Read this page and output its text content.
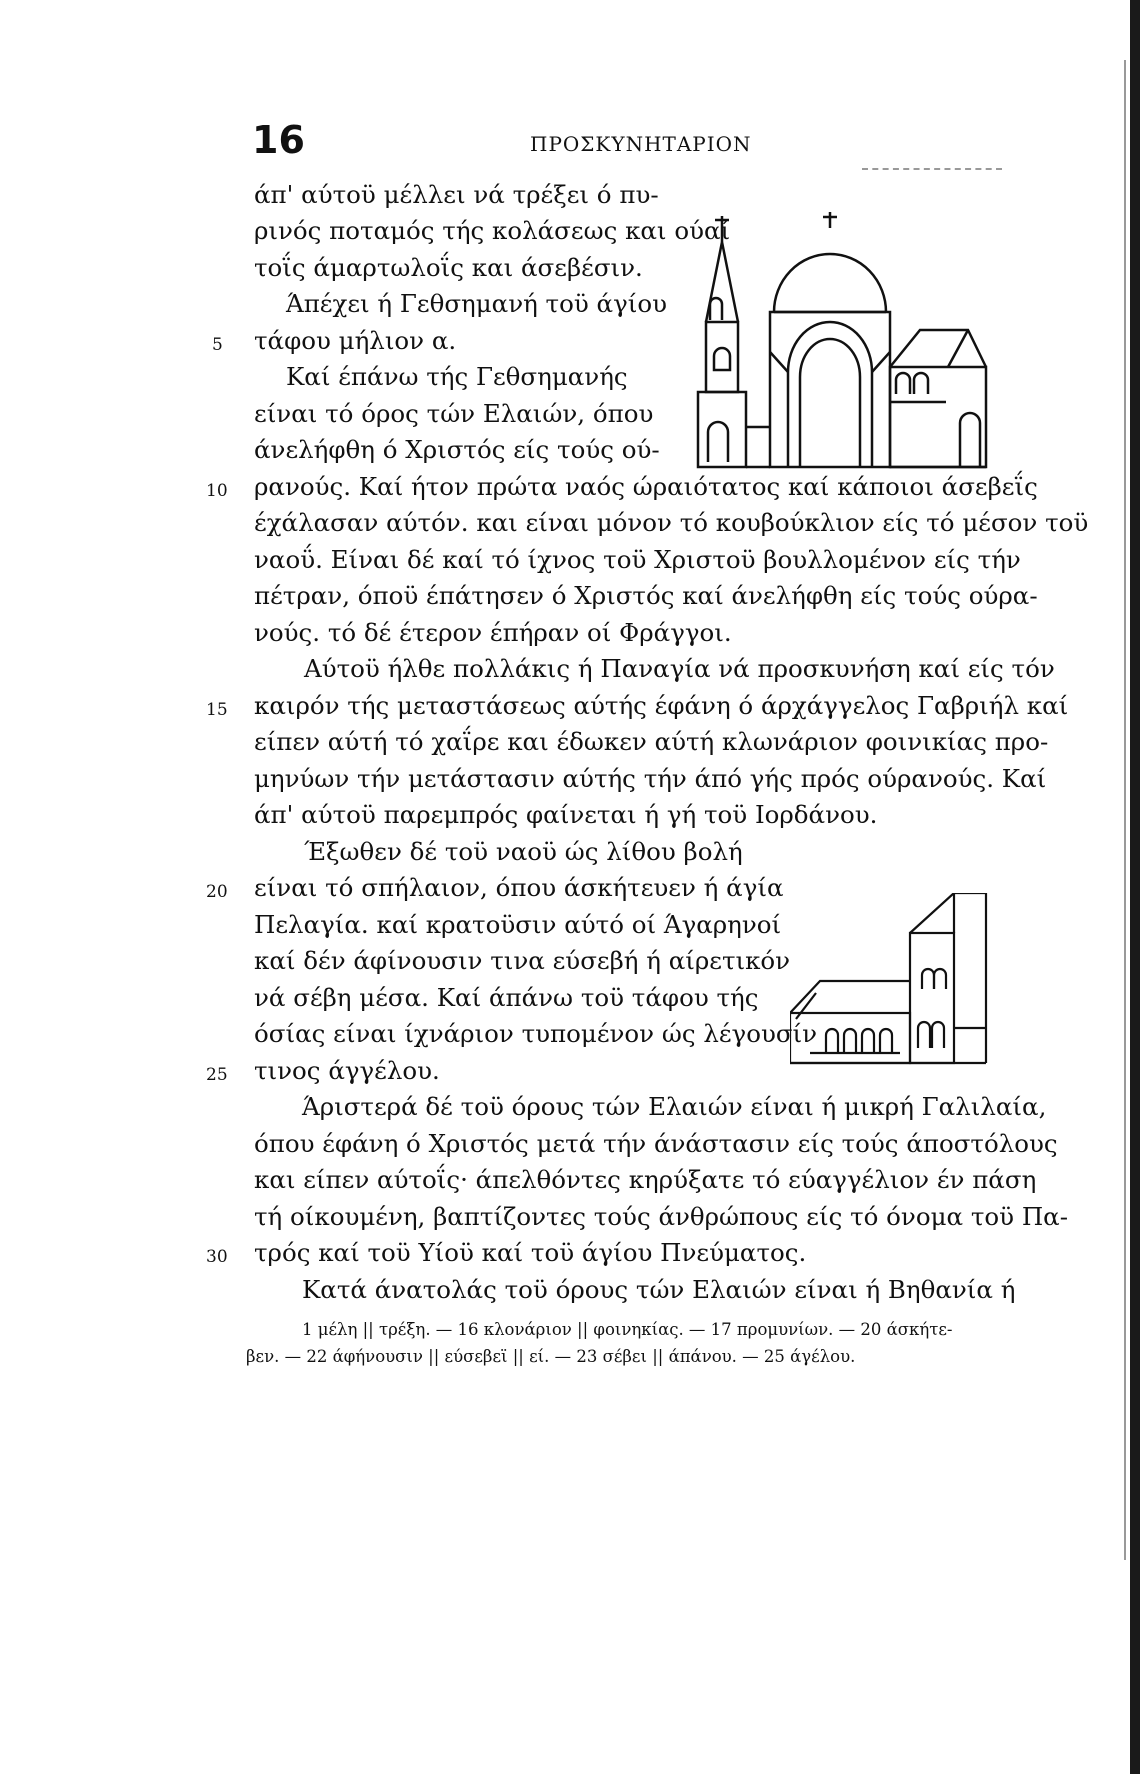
16	ΠΡΟΣΚΥΝΗΤΑΡΙΟΝ
άπ' αύτοϋ μέλλει νά τρέξει ό πυ-
ρινός ποταμός τής κολάσεως και ούαί
τοΐς άμαρτωλοΐς και άσεβέσιν.
Άπέχει ή Γεθσημανή τοϋ άγίου
τάφου μήλιον α.
Καί έπάνω τής Γεθσημανής
είναι τό όρος τών Ελαιών, όπου
άνελήφθη ό Χριστός είς τούς ού-
ρανούς. Καί ήτον πρώτα ναός ώραιότατος καί κάποιοι άσεβεΐς
έχάλασαν αύτόν. και είναι μόνον τό κουβούκλιον είς τό μέσον τοϋ
ναοΰ. Είναι δέ καί τό ίχνος τοϋ Χριστοϋ βουλλομένον είς τήν
πέτραν, όποϋ έπάτησεν ό Χριστός καί άνελήφθη είς τούς ούρα-
νούς. τό δέ έτερον έπήραν οί Φράγγοι.
Αύτοϋ ήλθε πολλάκις ή Παναγία νά προσκυνήση καί είς τόν
καιρόν τής μεταστάσεως αύτής έφάνη ό άρχάγγελος Γαβριήλ καί
είπεν αύτή τό χαΐρε και έδωκεν αύτή κλωνάριον φοινικίας προ-
μηνύων τήν μετάστασιν αύτής τήν άπό γής πρός ούρανούς. Καί
άπ' αύτοϋ παρεμπρός φαίνεται ή γή τοϋ Ιορδάνου.
Έξωθεν δέ τοϋ ναοϋ ώς λίθου βολή
είναι τό σπήλαιον, όπου άσκήτευεν ή άγία
Πελαγία. καί κρατοϋσιν αύτό οί Άγαρηνοί
καί δέν άφίνουσιν τινα εύσεβή ή αίρετικόν
νά σέβη μέσα. Καί άπάνω τοϋ τάφου τής
όσίας είναι ίχνάριον τυπομένον ώς λέγουσίν
τινος άγγέλου.
Άριστερά δέ τοϋ όρους τών Ελαιών είναι ή μικρή Γαλιλαία,
όπου έφάνη ό Χριστός μετά τήν άνάστασιν είς τούς άποστόλους
και είπεν αύτοΐς· άπελθόντες κηρύξατε τό εύαγγέλιον έν πάση
τή οίκουμένη, βαπτίζοντες τούς άνθρώπους είς τό όνομα τοϋ Πα-
τρός καί τοϋ Υίοϋ καί τοϋ άγίου Πνεύματος.
Κατά άνατολάς τοϋ όρους τών Ελαιών είναι ή Βηθανία ή
5
10
15
20
25
30
1 μέλη || τρέξη. — 16 κλονάριον || φοινηκίας. — 17 προμυνίων. — 20 άσκήτε-
βεν. — 22 άφήνουσιν || εύσεβεϊ || εί. — 23 σέβει || άπάνου. — 25 άγέλου.
